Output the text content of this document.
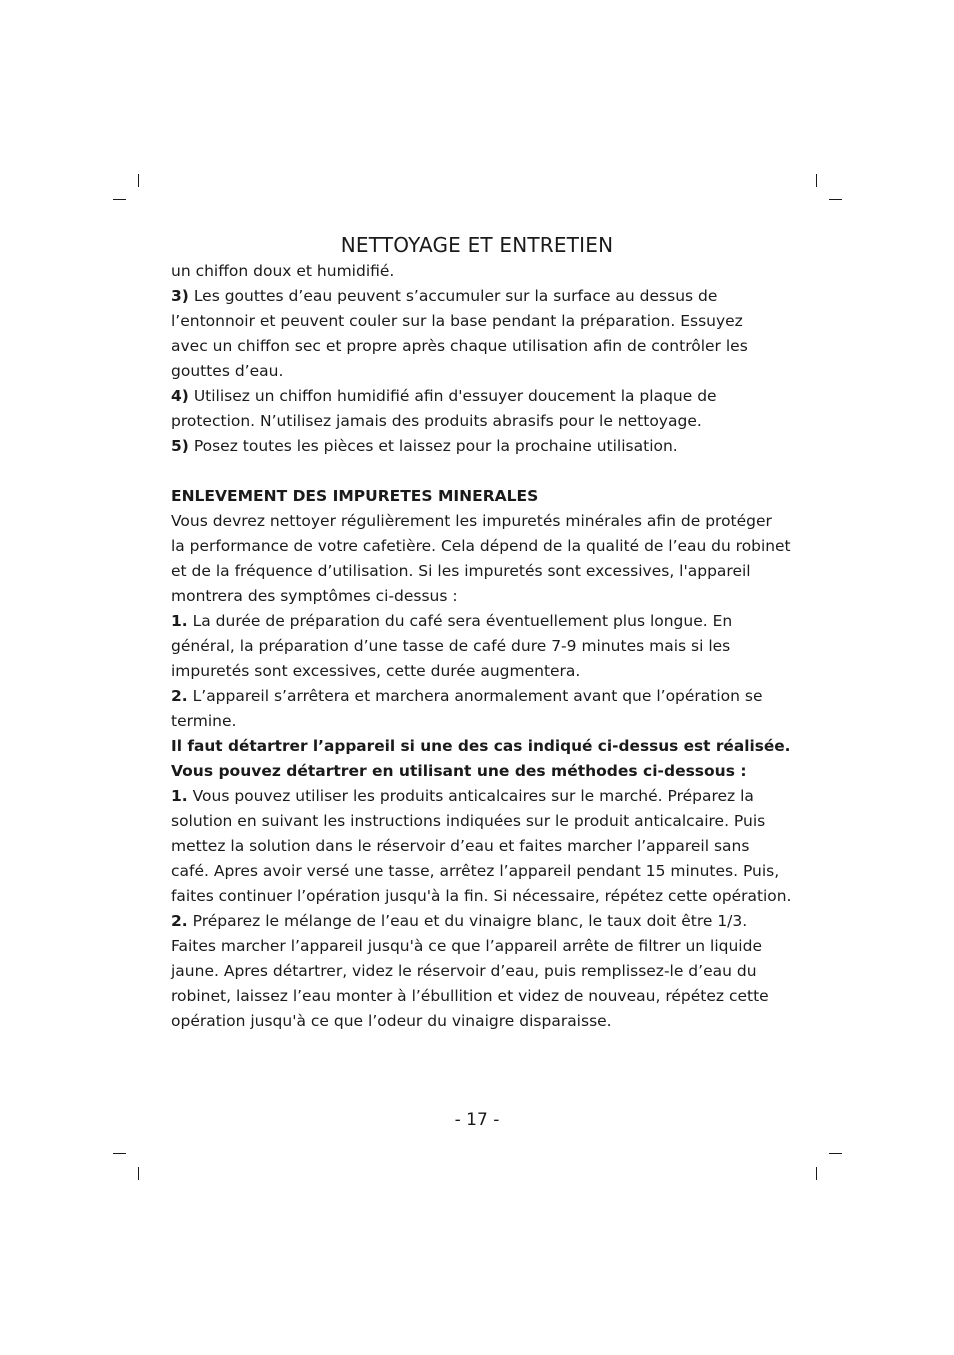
NETTOYAGE ET ENTRETIEN
un chiffon doux et humidifié.
3) Les gouttes d’eau peuvent s’accumuler sur la surface au dessus de
l’entonnoir et peuvent couler sur la base pendant la préparation. Essuyez
avec un chiffon sec et propre après chaque utilisation afin de contrôler les
gouttes d’eau.
4) Utilisez un chiffon humidifié afin d'essuyer doucement la plaque de
protection. N’utilisez jamais des produits abrasifs pour le nettoyage.
5) Posez toutes les pièces et laissez pour la prochaine utilisation.
ENLEVEMENT DES IMPURETES MINERALES
Vous devrez nettoyer régulièrement les impuretés minérales afin de protéger
la performance de votre cafetière. Cela dépend de la qualité de l’eau du robinet
et de la fréquence d’utilisation. Si les impuretés sont excessives, l'appareil
montrera des symptômes ci-dessus :
1. La durée de préparation du café sera éventuellement plus longue. En
général, la préparation d’une tasse de café dure 7-9 minutes mais si les
impuretés sont excessives, cette durée augmentera.
2. L’appareil s’arrêtera et marchera anormalement avant que l’opération se
termine.
Il faut détartrer l’appareil si une des cas indiqué ci-dessus est réalisée.
Vous pouvez détartrer en utilisant une des méthodes ci-dessous :
1. Vous pouvez utiliser les produits anticalcaires sur le marché. Préparez la
solution en suivant les instructions indiquées sur le produit anticalcaire. Puis
mettez la solution dans le réservoir d’eau et faites marcher l’appareil sans
café. Apres avoir versé une tasse, arrêtez l’appareil pendant 15 minutes. Puis,
faites continuer l’opération jusqu'à la fin. Si nécessaire, répétez cette opération.
2. Préparez le mélange de l’eau et du vinaigre blanc, le taux doit être 1/3.
Faites marcher l’appareil jusqu'à ce que l’appareil arrête de filtrer un liquide
jaune. Apres détartrer, videz le réservoir d’eau, puis remplissez-le d’eau du
robinet, laissez l’eau monter à l’ébullition et videz de nouveau, répétez cette
opération jusqu'à ce que l’odeur du vinaigre disparaisse.
- 17 -
